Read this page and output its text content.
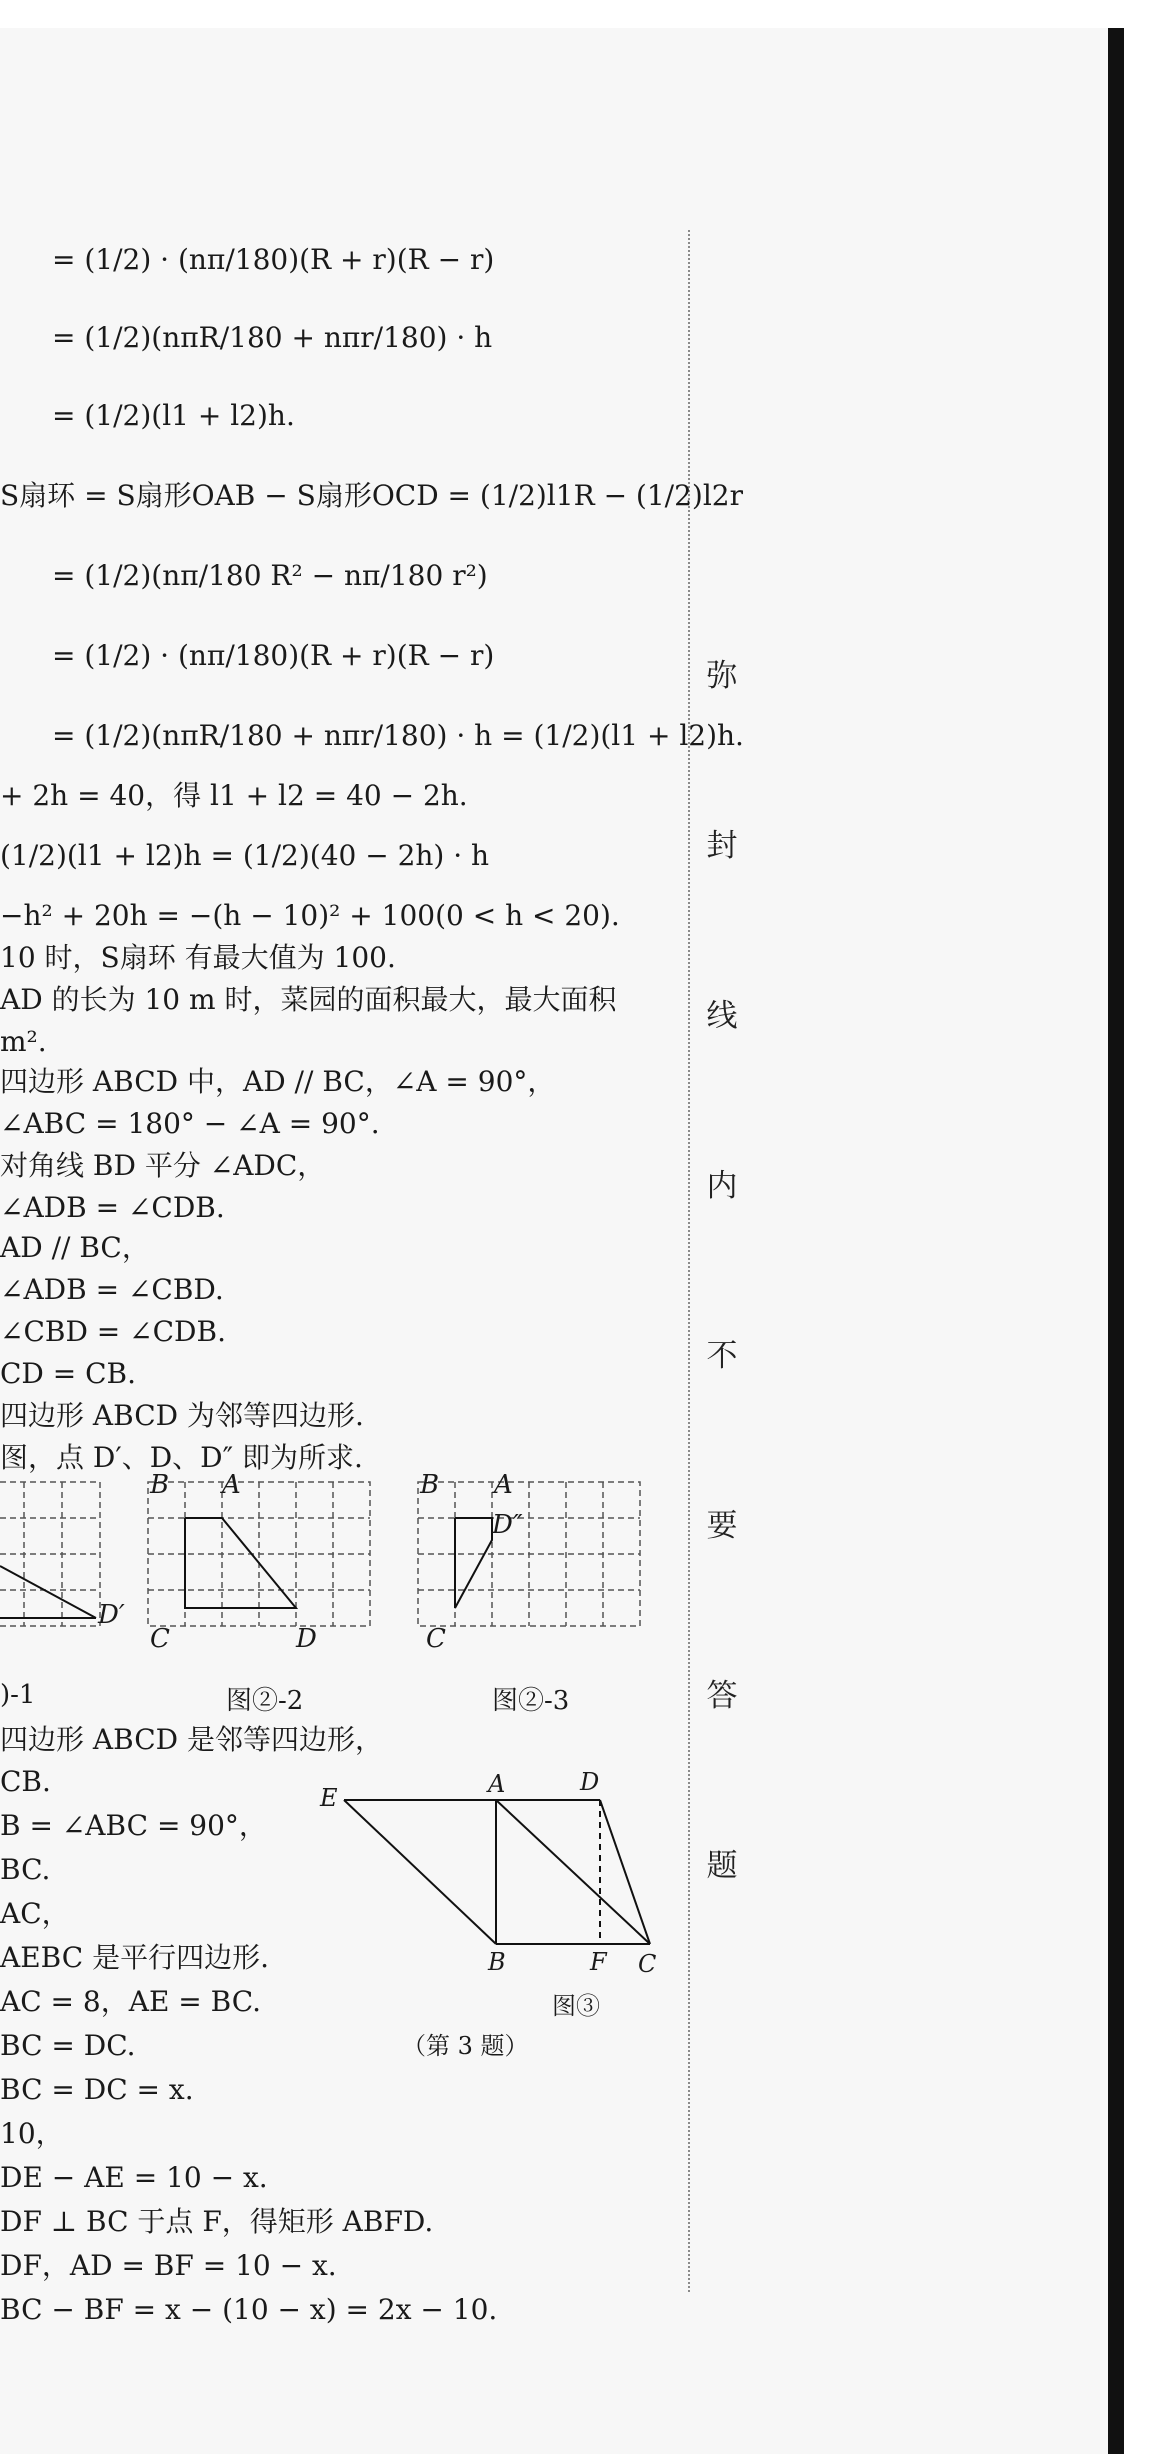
弥
封
线
内
不
要
答
题
= (1/2) · (nπ/180)(R + r)(R − r)
= (1/2)(nπR/180 + nπr/180) · h
= (1/2)(l1 + l2)h.
S扇环 = S扇形OAB − S扇形OCD = (1/2)l1R − (1/2)l2r
= (1/2)(nπ/180 R² − nπ/180 r²)
= (1/2) · (nπ/180)(R + r)(R − r)
= (1/2)(nπR/180 + nπr/180) · h = (1/2)(l1 + l2)h.
+ 2h = 40，得 l1 + l2 = 40 − 2h.
(1/2)(l1 + l2)h = (1/2)(40 − 2h) · h
−h² + 20h = −(h − 10)² + 100(0 < h < 20).
10 时，S扇环 有最大值为 100.
AD 的长为 10 m 时，菜园的面积最大，最大面积
m².
四边形 ABCD 中，AD // BC，∠A = 90°，
∠ABC = 180° − ∠A = 90°.
对角线 BD 平分 ∠ADC，
∠ADB = ∠CDB.
AD // BC，
∠ADB = ∠CBD.
∠CBD = ∠CDB.
CD = CB.
四边形 ABCD 为邻等四边形.
图，点 D′、D、D″ 即为所求.
D′
B A
C	D
图②-2
)-1
B A
D″
C
图②-3
四边形 ABCD 是邻等四边形，
CB.
B = ∠ABC = 90°，
BC.
AC，
AEBC 是平行四边形.
AC = 8，AE = BC.
BC = DC.
BC = DC = x.
10，
DE − AE = 10 − x.
DF ⊥ BC 于点 F，得矩形 ABFD.
DF，AD = BF = 10 − x.
BC − BF = x − (10 − x) = 2x − 10.
E	A	D
B	F C
图③
（第 3 题）
